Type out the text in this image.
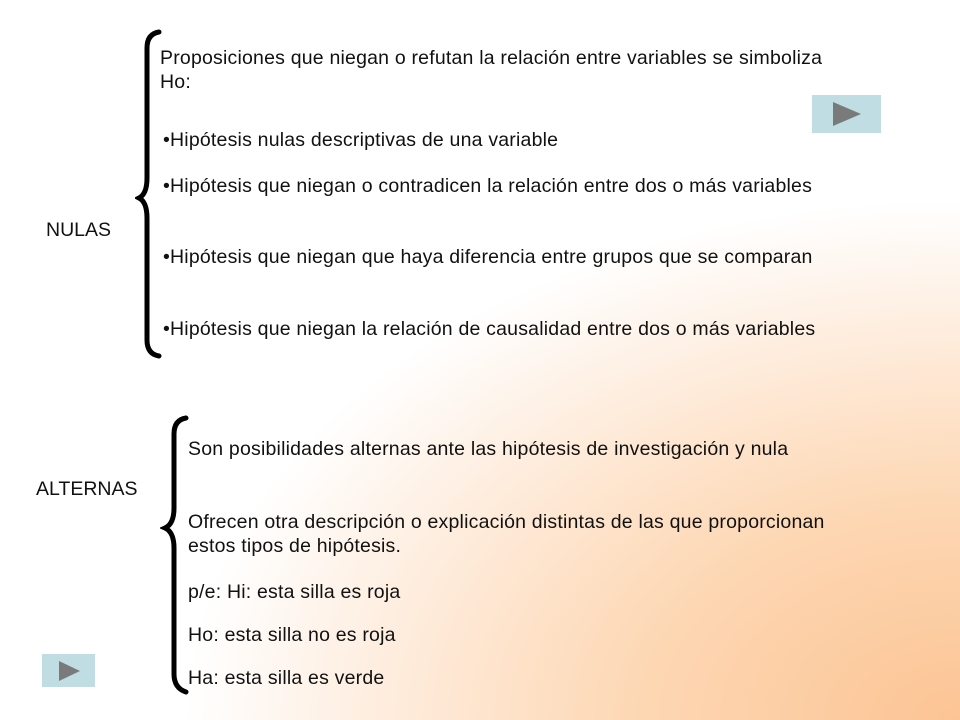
NULAS
Proposiciones que niegan o refutan la relación entre variables se simboliza Ho:
•Hipótesis nulas descriptivas de una variable
•Hipótesis que niegan o contradicen la relación entre dos o más variables
•Hipótesis que niegan que haya diferencia entre grupos que se comparan
•Hipótesis que niegan la relación de causalidad entre dos o más variables
ALTERNAS
Son posibilidades alternas ante las hipótesis de investigación y nula
Ofrecen otra descripción o explicación distintas de las que proporcionan estos tipos de hipótesis.
p/e: Hi: esta silla es roja
Ho: esta silla no es roja
Ha: esta silla es verde
